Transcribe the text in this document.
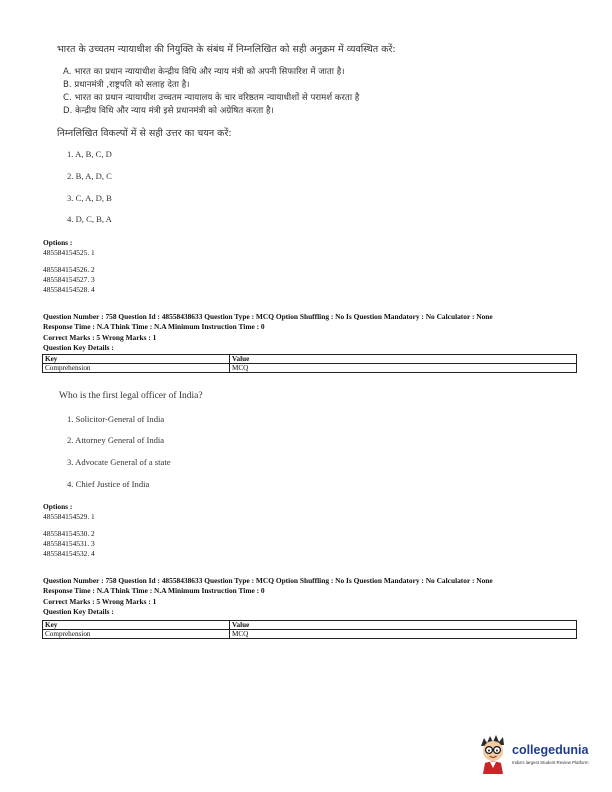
भारत के उच्चतम न्यायाधीश की नियुक्ति के संबंध में निम्नलिखित को सही अनुक्रम में व्यवस्थित करें:
A. भारत का प्रधान न्यायाधीश केन्द्रीय विधि और न्याय मंत्री को अपनी सिफारिश में जाता है।
B. प्रधानमंत्री ,राष्ट्रपति को सलाह देता है।
C. भारत का प्रधान न्यायाधीश उच्चतम न्यायालय के चार वरिष्ठतम न्यायाधीशों से परामर्श करता है
D. केन्द्रीय विधि और न्याय मंत्री इसे प्रधानमंत्री को अग्रेषित करता है।
निम्नलिखित विकल्पों में से सही उत्तर का चयन करें:
1. A, B, C, D
2. B, A, D, C
3. C, A, D, B
4. D, C, B, A
Options :
485584154525. 1
485584154526. 2
485584154527. 3
485584154528. 4
Question Number : 758 Question Id : 48558438633 Question Type : MCQ Option Shuffling : No Is Question Mandatory : No Calculator : None
Response Time : N.A Think Time : N.A Minimum Instruction Time : 0
Correct Marks : 5 Wrong Marks : 1
Question Key Details :
Key	Value
Comprehension	MCQ
Who is the first legal officer of India?
1. Solicitor-General of India
2. Attorney General of India
3. Advocate General of a state
4. Chief Justice of India
Options :
485584154529. 1
485584154530. 2
485584154531. 3
485584154532. 4
Question Number : 758 Question Id : 48558438633 Question Type : MCQ Option Shuffling : No Is Question Mandatory : No Calculator : None
Response Time : N.A Think Time : N.A Minimum Instruction Time : 0
Correct Marks : 5 Wrong Marks : 1
Question Key Details :
Key	Value
Comprehension	MCQ
collegedunia
India's largest Student Review Platform
